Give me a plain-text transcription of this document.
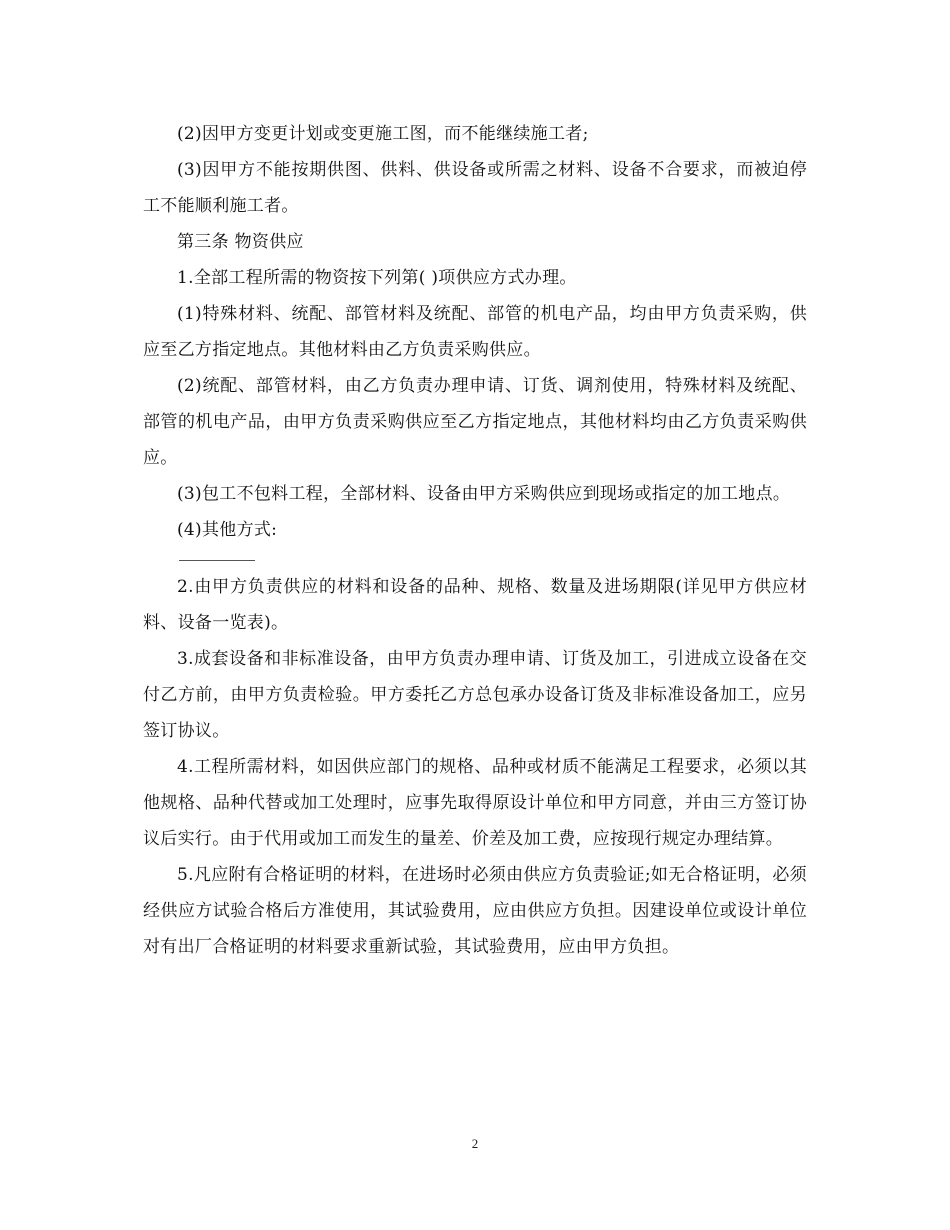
(2)因甲方变更计划或变更施工图，而不能继续施工者;

(3)因甲方不能按期供图、供料、供设备或所需之材料、设备不合要求，而被迫停工不能顺利施工者。

第三条 物资供应

1.全部工程所需的物资按下列第( )项供应方式办理。

(1)特殊材料、统配、部管材料及统配、部管的机电产品，均由甲方负责采购，供应至乙方指定地点。其他材料由乙方负责采购供应。

(2)统配、部管材料，由乙方负责办理申请、订货、调剂使用，特殊材料及统配、部管的机电产品，由甲方负责采购供应至乙方指定地点，其他材料均由乙方负责采购供应。

(3)包工不包料工程，全部材料、设备由甲方采购供应到现场或指定的加工地点。

(4)其他方式:

2.由甲方负责供应的材料和设备的品种、规格、数量及进场期限(详见甲方供应材料、设备一览表)。

3.成套设备和非标准设备，由甲方负责办理申请、订货及加工，引进成立设备在交付乙方前，由甲方负责检验。甲方委托乙方总包承办设备订货及非标准设备加工，应另签订协议。

4.工程所需材料，如因供应部门的规格、品种或材质不能满足工程要求，必须以其他规格、品种代替或加工处理时，应事先取得原设计单位和甲方同意，并由三方签订协议后实行。由于代用或加工而发生的量差、价差及加工费，应按现行规定办理结算。

5.凡应附有合格证明的材料，在进场时必须由供应方负责验证;如无合格证明，必须经供应方试验合格后方准使用，其试验费用，应由供应方负担。因建设单位或设计单位对有出厂合格证明的材料要求重新试验，其试验费用，应由甲方负担。

2
